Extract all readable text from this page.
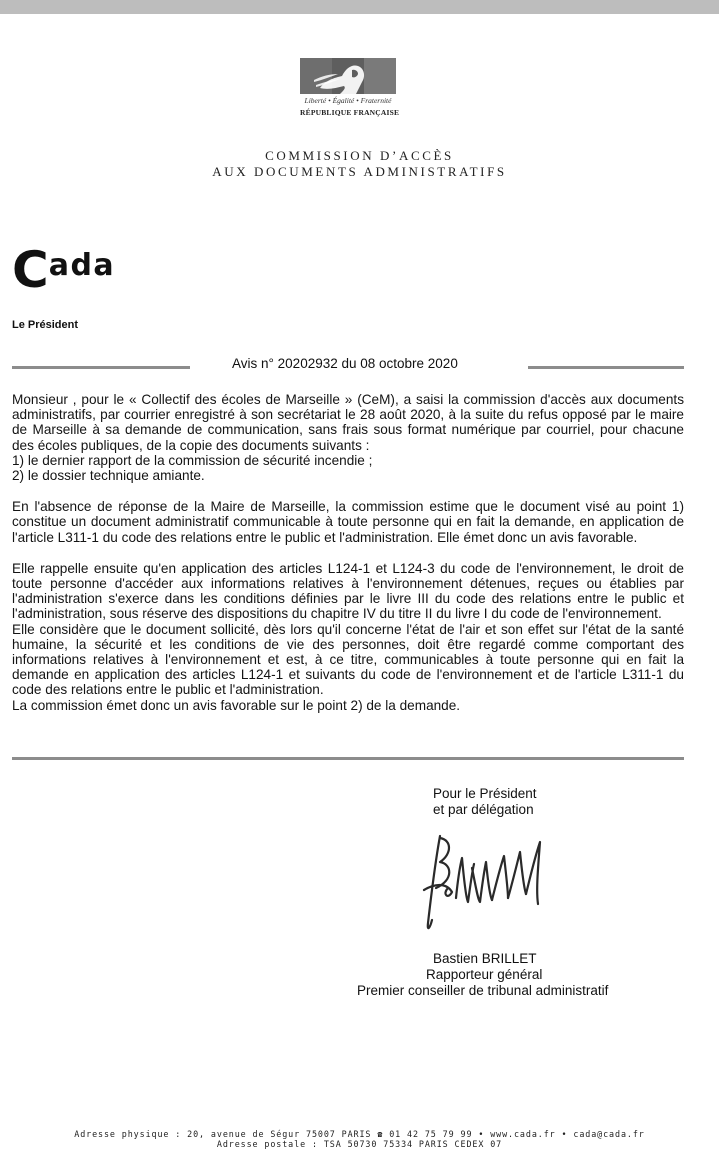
Liberté • Égalité • Fraternité
RÉPUBLIQUE FRANÇAISE
COMMISSION D’ACCÈS
AUX DOCUMENTS ADMINISTRATIFS
Cada
Le Président
Avis n° 20202932 du 08 octobre 2020

Monsieur , pour le « Collectif des écoles de Marseille » (CeM), a saisi la commission d'accès aux documents administratifs, par courrier enregistré à son secrétariat le 28 août 2020, à la suite du refus opposé par le maire de Marseille à sa demande de communication, sans frais sous format numérique par courriel, pour chacune des écoles publiques, de la copie des documents suivants :

1) le dernier rapport de la commission de sécurité incendie ;

2) le dossier technique amiante.

En l'absence de réponse de la Maire de Marseille, la commission estime que le document visé au point 1) constitue un document administratif communicable à toute personne qui en fait la demande, en application de l'article L311-1 du code des relations entre le public et l'administration. Elle émet donc un avis favorable.

Elle rappelle ensuite qu'en application des articles L124-1 et L124-3 du code de l'environnement, le droit de toute personne d'accéder aux informations relatives à l'environnement détenues, reçues ou établies par l'administration s'exerce dans les conditions définies par le livre III du code des relations entre le public et l'administration, sous réserve des dispositions du chapitre IV du titre II du livre I du code de l'environnement.

Elle considère que le document sollicité, dès lors qu'il concerne l'état de l'air et son effet sur l'état de la santé humaine, la sécurité et les conditions de vie des personnes, doit être regardé comme comportant des informations relatives à l'environnement et est, à ce titre, communicables à toute personne qui en fait la demande en application des articles L124-1 et suivants du code de l'environnement et de l'article L311-1 du code des relations entre le public et l'administration.

La commission émet donc un avis favorable sur le point 2) de la demande.

Pour le Président
et par délégation
Bastien BRILLET
Rapporteur général
Premier conseiller de tribunal administratif
Adresse physique : 20, avenue de Ségur 75007 PARIS ☎ 01 42 75 79 99 • www.cada.fr • cada@cada.fr
Adresse postale : TSA 50730 75334 PARIS CEDEX 07
